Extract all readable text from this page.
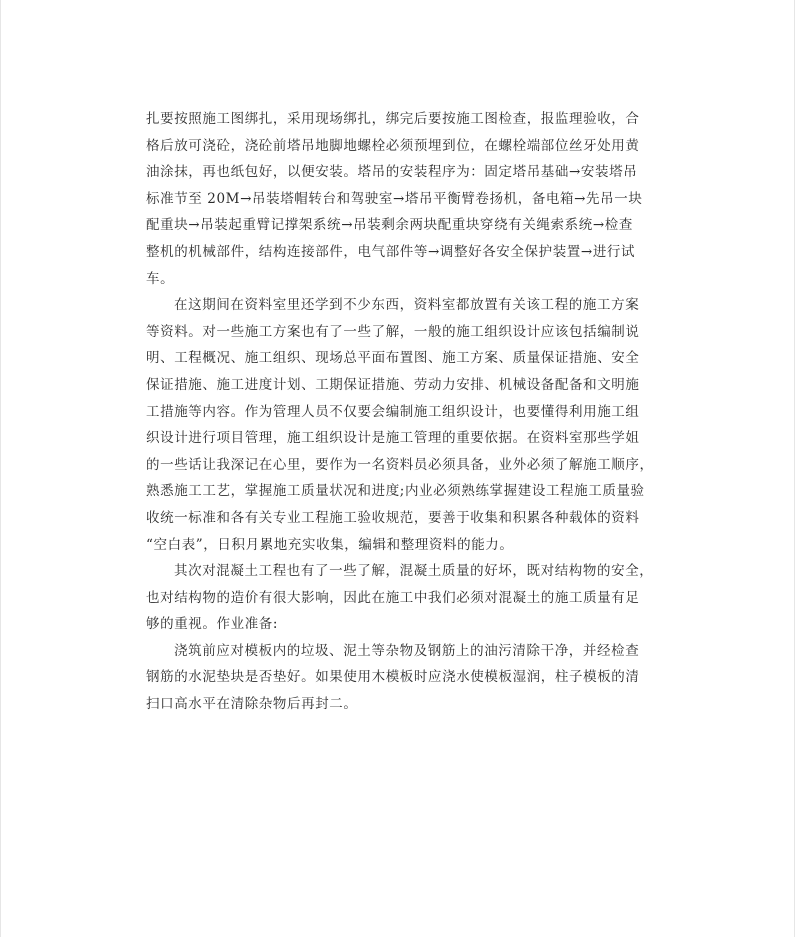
扎要按照施工图绑扎，采用现场绑扎，绑完后要按施工图检查，报监理验收，合
格后放可浇砼，浇砼前塔吊地脚地螺栓必须预埋到位，在螺栓端部位丝牙处用黄
油涂抹，再也纸包好，以便安装。塔吊的安装程序为：固定塔吊基础→安装塔吊
标准节至 20M→吊装塔帽转台和驾驶室→塔吊平衡臂卷扬机，备电箱→先吊一块
配重块→吊装起重臂记撑架系统→吊装剩余两块配重块穿绕有关绳索系统→检查
整机的机械部件，结构连接部件，电气部件等→调整好各安全保护装置→进行试
车。
在这期间在资料室里还学到不少东西，资料室都放置有关该工程的施工方案
等资料。对一些施工方案也有了一些了解，一般的施工组织设计应该包括编制说
明、工程概况、施工组织、现场总平面布置图、施工方案、质量保证措施、安全
保证措施、施工进度计划、工期保证措施、劳动力安排、机械设备配备和文明施
工措施等内容。作为管理人员不仅要会编制施工组织设计，也要懂得利用施工组
织设计进行项目管理，施工组织设计是施工管理的重要依据。在资料室那些学姐
的一些话让我深记在心里，要作为一名资料员必须具备，业外必须了解施工顺序，
熟悉施工工艺，掌握施工质量状况和进度;内业必须熟练掌握建设工程施工质量验
收统一标准和各有关专业工程施工验收规范，要善于收集和积累各种载体的资料
“空白表”，日积月累地充实收集，编辑和整理资料的能力。
其次对混凝土工程也有了一些了解，混凝土质量的好坏，既对结构物的安全，
也对结构物的造价有很大影响，因此在施工中我们必须对混凝土的施工质量有足
够的重视。作业准备:
浇筑前应对模板内的垃圾、泥土等杂物及钢筋上的油污清除干净，并经检查
钢筋的水泥垫块是否垫好。如果使用木模板时应浇水使模板湿润，柱子模板的清
扫口高水平在清除杂物后再封二。
